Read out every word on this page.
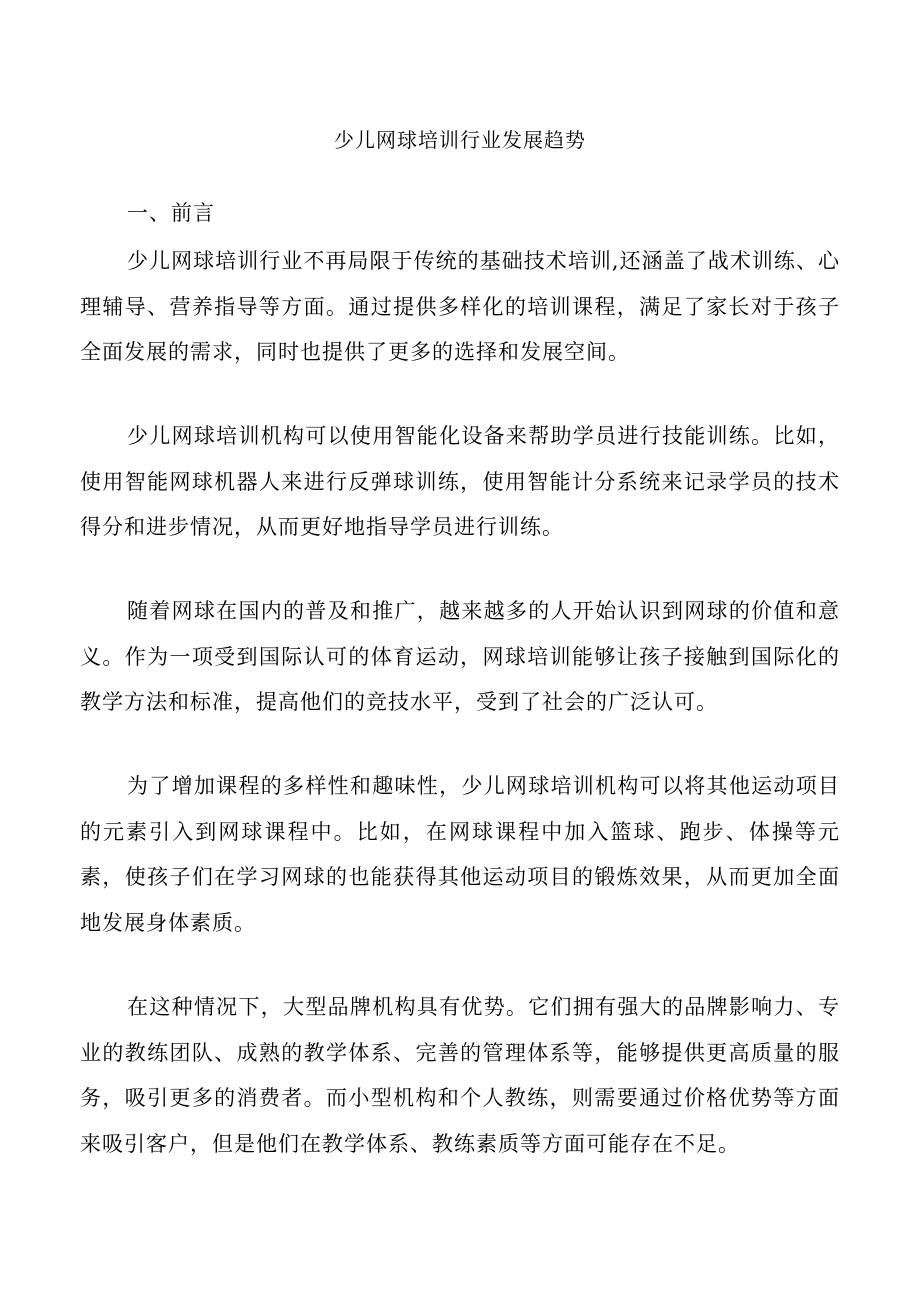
少儿网球培训行业发展趋势
一、前言

少儿网球培训行业不再局限于传统的基础技术培训,还涵盖了战术训练、心理辅导、营养指导等方面。通过提供多样化的培训课程，满足了家长对于孩子全面发展的需求，同时也提供了更多的选择和发展空间。

少儿网球培训机构可以使用智能化设备来帮助学员进行技能训练。比如，使用智能网球机器人来进行反弹球训练，使用智能计分系统来记录学员的技术得分和进步情况，从而更好地指导学员进行训练。

随着网球在国内的普及和推广，越来越多的人开始认识到网球的价值和意义。作为一项受到国际认可的体育运动，网球培训能够让孩子接触到国际化的教学方法和标准，提高他们的竞技水平，受到了社会的广泛认可。

为了增加课程的多样性和趣味性，少儿网球培训机构可以将其他运动项目的元素引入到网球课程中。比如，在网球课程中加入篮球、跑步、体操等元素，使孩子们在学习网球的也能获得其他运动项目的锻炼效果，从而更加全面地发展身体素质。

在这种情况下，大型品牌机构具有优势。它们拥有强大的品牌影响力、专业的教练团队、成熟的教学体系、完善的管理体系等，能够提供更高质量的服务，吸引更多的消费者。而小型机构和个人教练，则需要通过价格优势等方面来吸引客户，但是他们在教学体系、教练素质等方面可能存在不足。
